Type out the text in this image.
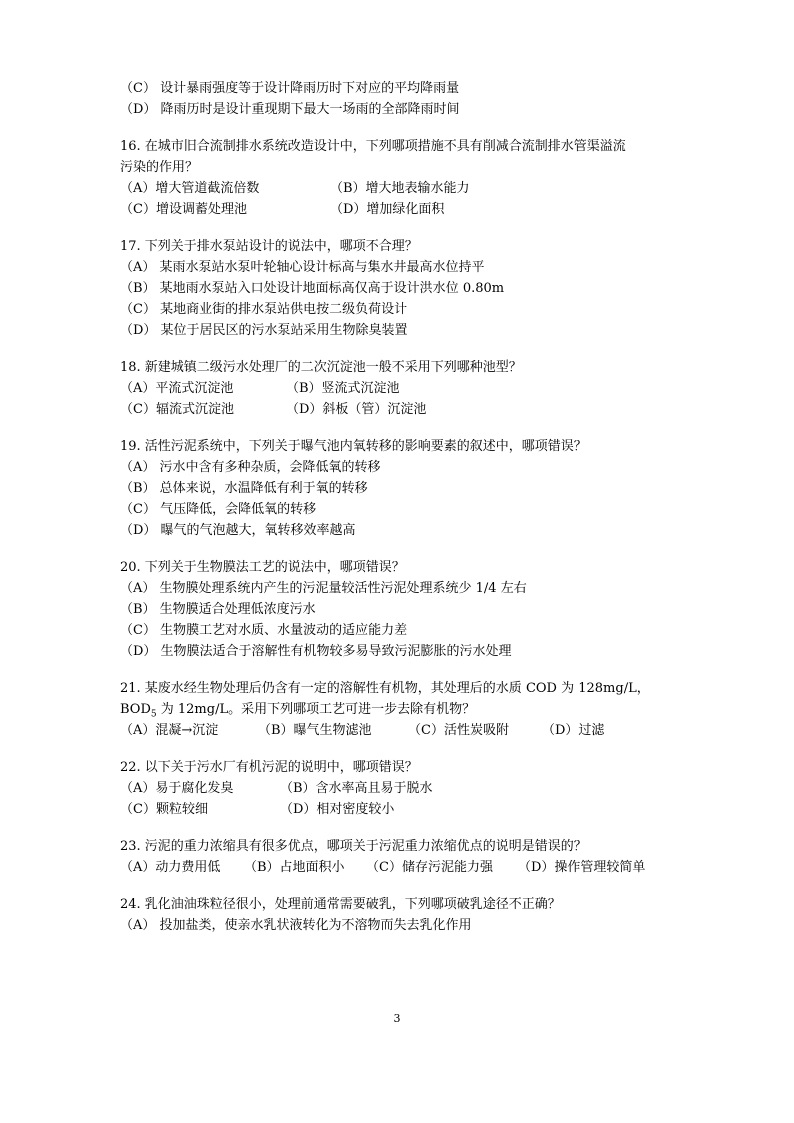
（C） 设计暴雨强度等于设计降雨历时下对应的平均降雨量
（D） 降雨历时是设计重现期下最大一场雨的全部降雨时间
16. 在城市旧合流制排水系统改造设计中，下列哪项措施不具有削减合流制排水管渠溢流
污染的作用？
（A）增大管道截流倍数	（B）增大地表输水能力
（C）增设调蓄处理池	（D）增加绿化面积
17. 下列关于排水泵站设计的说法中，哪项不合理？
（A） 某雨水泵站水泵叶轮轴心设计标高与集水井最高水位持平
（B） 某地雨水泵站入口处设计地面标高仅高于设计洪水位 0.80m
（C） 某地商业街的排水泵站供电按二级负荷设计
（D） 某位于居民区的污水泵站采用生物除臭装置
18. 新建城镇二级污水处理厂的二次沉淀池一般不采用下列哪种池型？
（A）平流式沉淀池	（B）竖流式沉淀池
（C）辐流式沉淀池	（D）斜板（管）沉淀池
19. 活性污泥系统中，下列关于曝气池内氧转移的影响要素的叙述中，哪项错误？
（A） 污水中含有多种杂质，会降低氧的转移
（B） 总体来说，水温降低有利于氧的转移
（C） 气压降低，会降低氧的转移
（D） 曝气的气泡越大，氧转移效率越高
20. 下列关于生物膜法工艺的说法中，哪项错误？
（A） 生物膜处理系统内产生的污泥量较活性污泥处理系统少 1/4 左右
（B） 生物膜适合处理低浓度污水
（C） 生物膜工艺对水质、水量波动的适应能力差
（D） 生物膜法适合于溶解性有机物较多易导致污泥膨胀的污水处理
21. 某废水经生物处理后仍含有一定的溶解性有机物，其处理后的水质 COD 为 128mg/L，
$BOD_5$ 为 12mg/L。采用下列哪项工艺可进一步去除有机物？
（A）混凝→沉淀	（B）曝气生物滤池	（C）活性炭吸附	（D）过滤
22. 以下关于污水厂有机污泥的说明中，哪项错误？
（A）易于腐化发臭	（B）含水率高且易于脱水
（C）颗粒较细	（D）相对密度较小
23. 污泥的重力浓缩具有很多优点，哪项关于污泥重力浓缩优点的说明是错误的？
（A）动力费用低 （B）占地面积小 （C）储存污泥能力强 （D）操作管理较简单
24. 乳化油油珠粒径很小，处理前通常需要破乳，下列哪项破乳途径不正确？
（A） 投加盐类，使亲水乳状液转化为不溶物而失去乳化作用
3
